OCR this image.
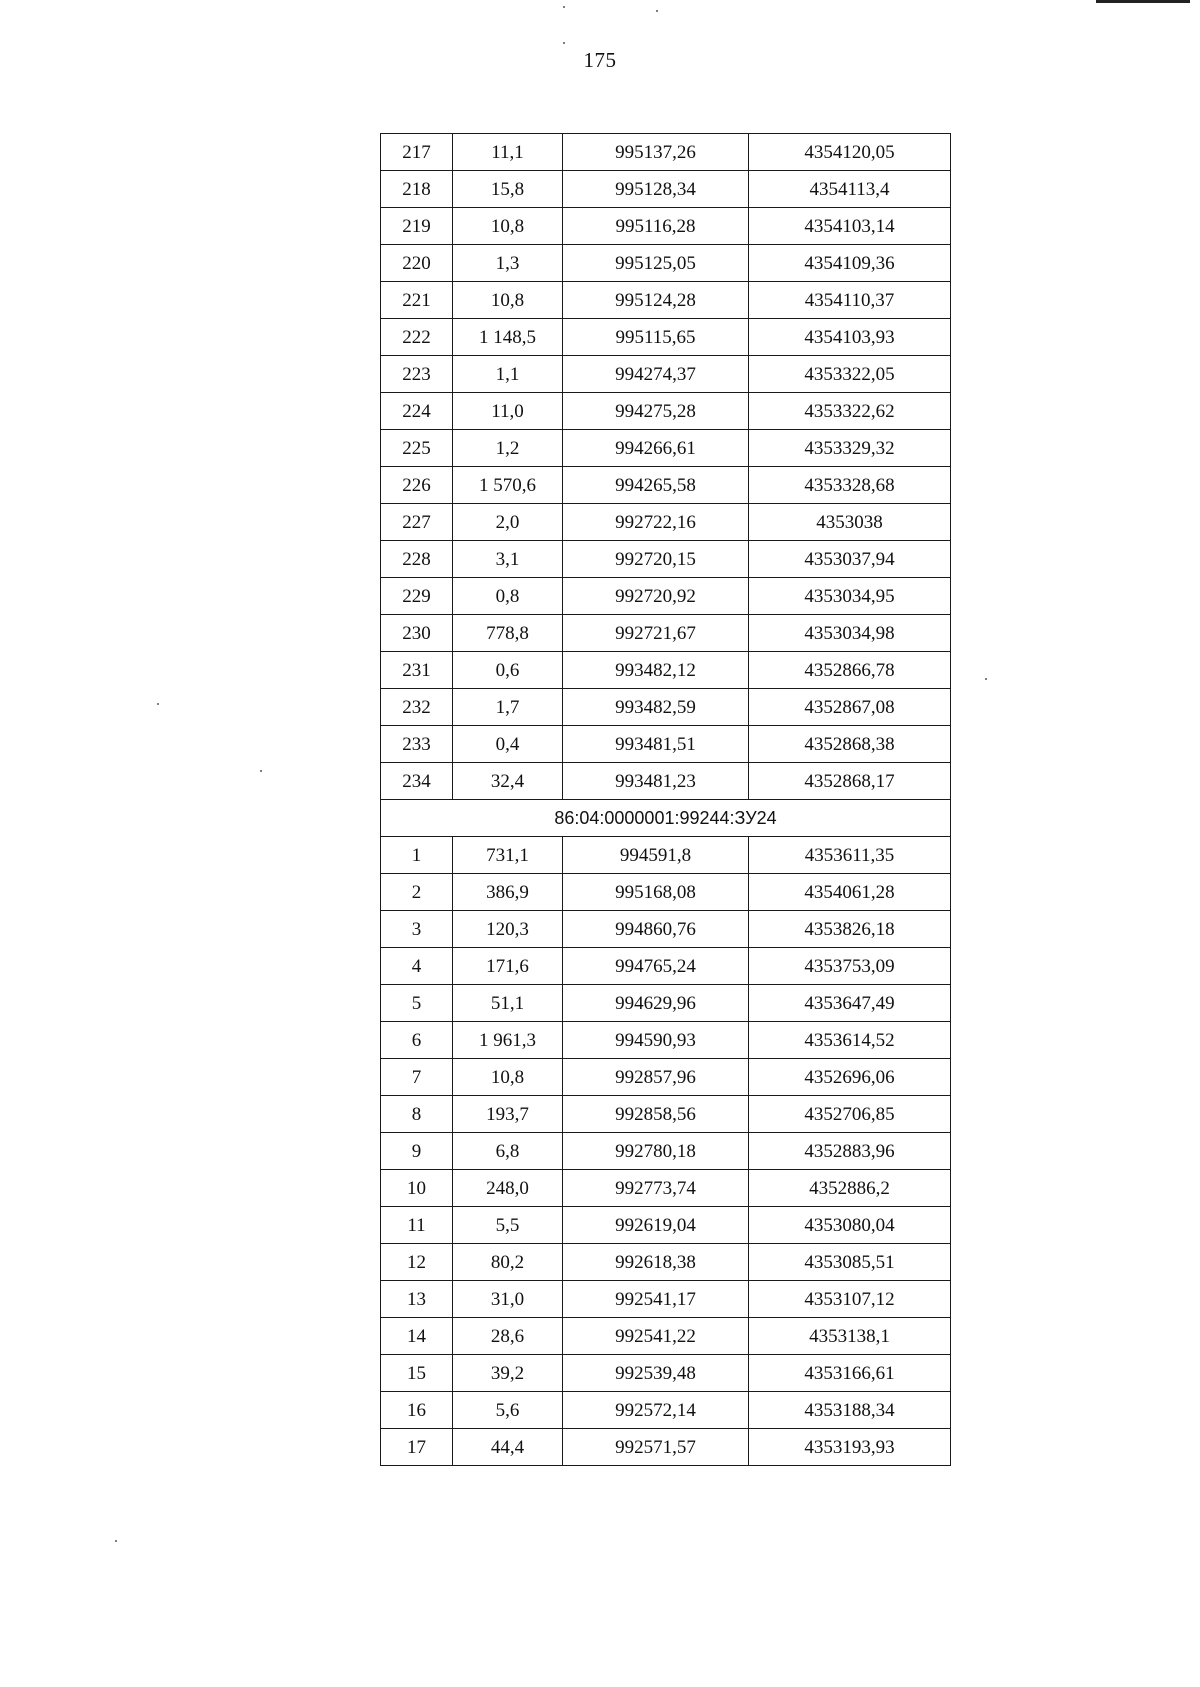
175
217	11,1	995137,26	4354120,05
218	15,8	995128,34	4354113,4
219	10,8	995116,28	4354103,14
220	1,3	995125,05	4354109,36
221	10,8	995124,28	4354110,37
222	1 148,5	995115,65	4354103,93
223	1,1	994274,37	4353322,05
224	11,0	994275,28	4353322,62
225	1,2	994266,61	4353329,32
226	1 570,6	994265,58	4353328,68
227	2,0	992722,16	4353038
228	3,1	992720,15	4353037,94
229	0,8	992720,92	4353034,95
230	778,8	992721,67	4353034,98
231	0,6	993482,12	4352866,78
232	1,7	993482,59	4352867,08
233	0,4	993481,51	4352868,38
234	32,4	993481,23	4352868,17
86:04:0000001:99244:ЗУ24			
1	731,1	994591,8	4353611,35
2	386,9	995168,08	4354061,28
3	120,3	994860,76	4353826,18
4	171,6	994765,24	4353753,09
5	51,1	994629,96	4353647,49
6	1 961,3	994590,93	4353614,52
7	10,8	992857,96	4352696,06
8	193,7	992858,56	4352706,85
9	6,8	992780,18	4352883,96
10	248,0	992773,74	4352886,2
11	5,5	992619,04	4353080,04
12	80,2	992618,38	4353085,51
13	31,0	992541,17	4353107,12
14	28,6	992541,22	4353138,1
15	39,2	992539,48	4353166,61
16	5,6	992572,14	4353188,34
17	44,4	992571,57	4353193,93
